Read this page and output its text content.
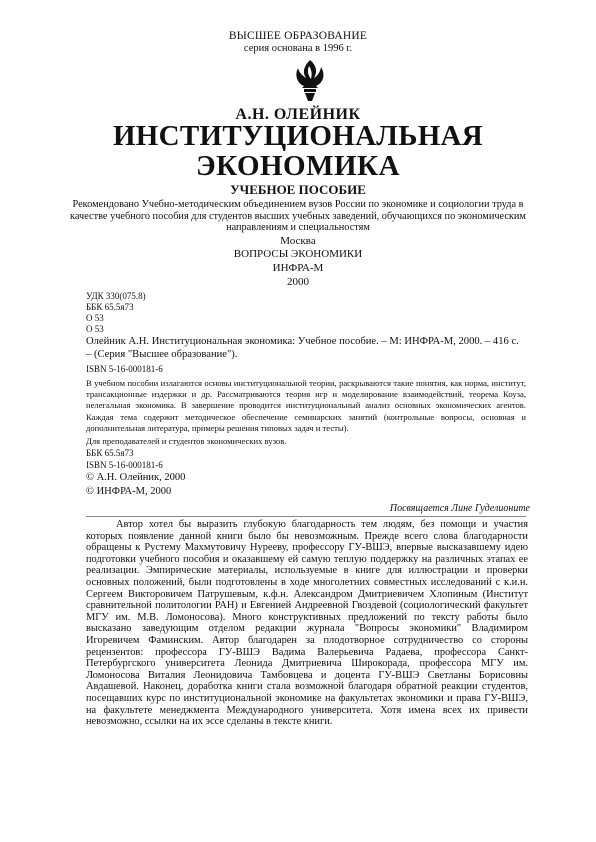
ВЫСШЕЕ ОБРАЗОВАНИЕ
серия основана в 1996 г.
А.Н. ОЛЕЙНИК
ИНСТИТУЦИОНАЛЬНАЯ
ЭКОНОМИКА
УЧЕБНОЕ ПОСОБИЕ
Рекомендовано Учебно-методическим объединением вузов России по экономике и социологии труда в качестве учебного пособия для студентов высших учебных заведений, обучающихся по экономическим направлениям и специальностям
Москва
ВОПРОСЫ ЭКОНОМИКИ
ИНФРА-М
2000
УДК 330(075.8)
ББК 65.5я73
О 53
О 53
Олейник А.Н. Институциональная экономика: Учебное пособие. – М: ИНФРА-М, 2000. – 416 с. – (Серия "Высшее образование").
ISBN 5-16-000181-6
В учебном пособии излагаются основы институциональной теории, раскрываются такие понятия, как норма, институт, трансакционные издержки и др. Рассматриваются теория игр и моделирование взаимодействий, теорема Коуза, нелегальная экономика. В завершение проводится институциональный анализ основных экономических агентов. Каждая тема содержит методическое обеспечение семинарских занятий (контрольные вопросы, основная и дополнительная литература, примеры решения типовых задач и тесты).
Для преподавателей и студентов экономических вузов.
ББК 65.5я73
ISBN 5-16-000181-6
© А.Н. Олейник, 2000
© ИНФРА-М, 2000
Посвящается Лине Гуделионите
Автор хотел бы выразить глубокую благодарность тем людям, без помощи и участия которых появление данной книги было бы невозможным. Прежде всего слова благодарности обращены к Рустему Махмутовичу Нурееву, профессору ГУ-ВШЭ, впервые высказавшему идею подготовки учебного пособия и оказавшему ей самую теплую поддержку на различных этапах ее реализации. Эмпирические материалы, используемые в книге для иллюстрации и проверки основных положений, были подготовлены в ходе многолетних совместных исследований с к.и.н. Сергеем Викторовичем Патрушевым, к.ф.н. Александром Дмитриевичем Хлопиным (Институт сравнительной политологии РАН) и Евгенией Андреевной Гвоздевой (социологический факультет МГУ им. М.В. Ломоносова). Много конструктивных предложений по тексту работы было высказано заведующим отделом редакции журнала "Вопросы экономики" Владимиром Игоревичем Фаминским. Автор благодарен за плодотворное сотрудничество со стороны рецензентов: профессора ГУ-ВШЭ Вадима Валерьевича Радаева, профессора Санкт-Петербургского университета Леонида Дмитриевича Широкорада, профессора МГУ им. Ломоносова Виталия Леонидовича Тамбовцева и доцента ГУ-ВШЭ Светланы Борисовны Авдашевой. Наконец, доработка книги стала возможной благодаря обратной реакции студентов, посещавших курс по институциональной экономике на факультетах экономики и права ГУ-ВШЭ, на факультете менеджмента Международного университета. Хотя имена всех их привести невозможно, ссылки на их эссе сделаны в тексте книги.
